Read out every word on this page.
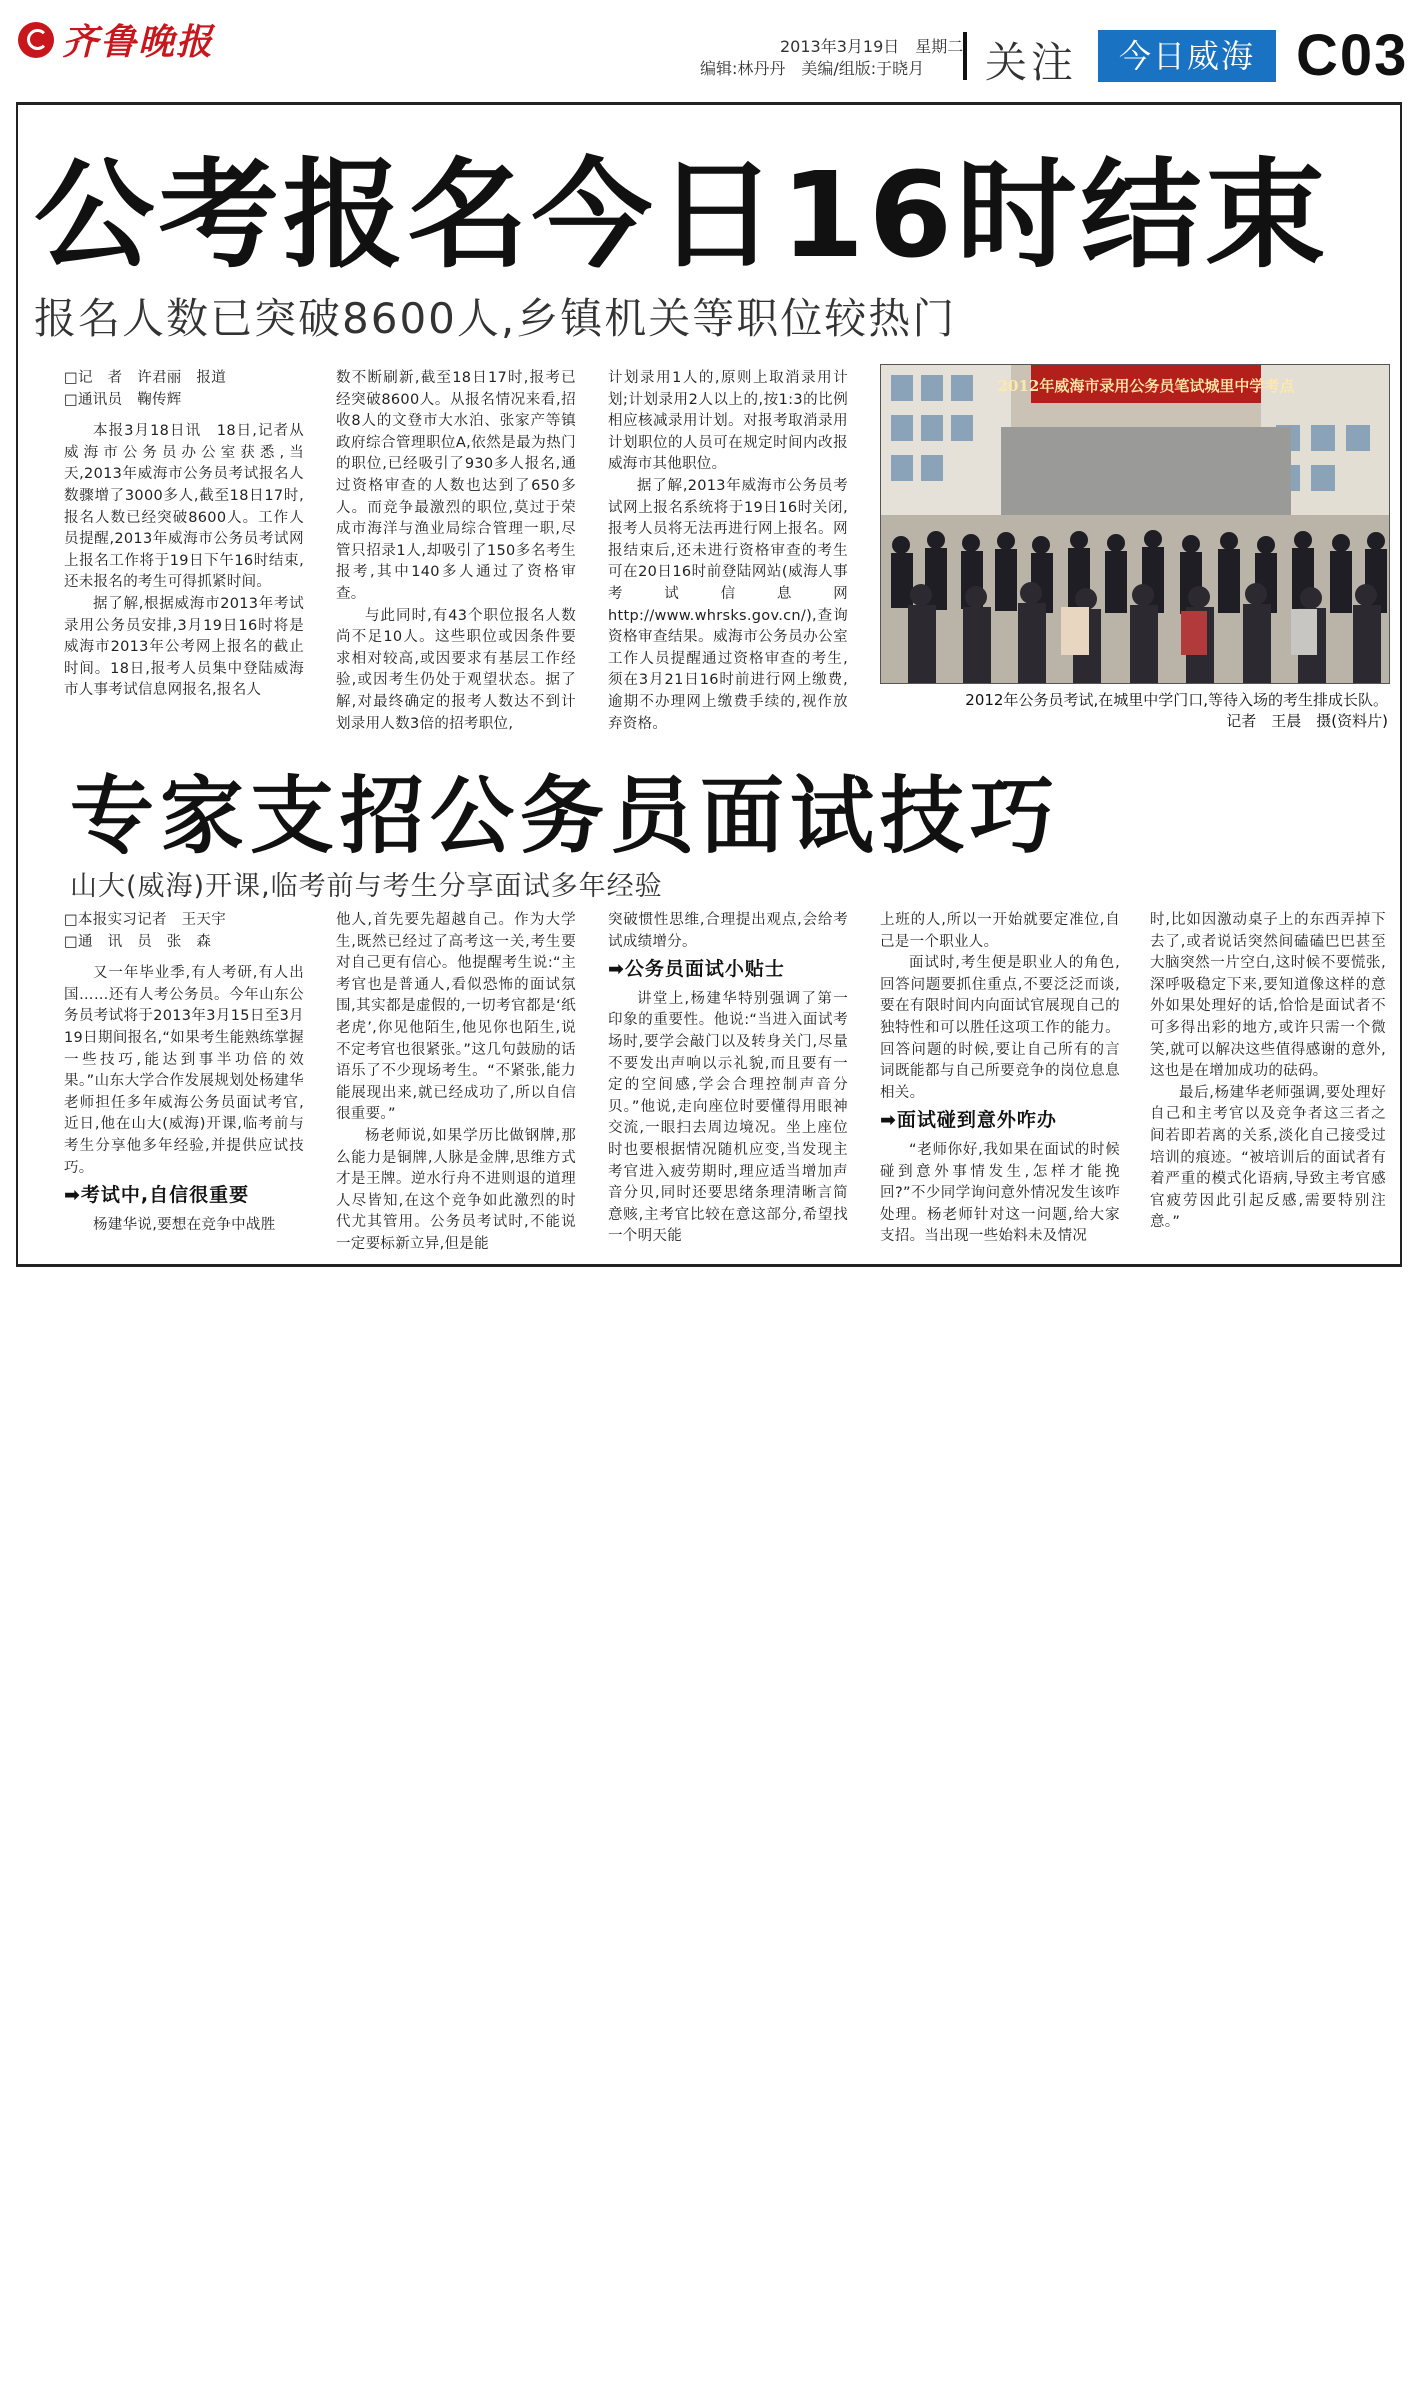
齐鲁晚报	2013年3月19日　星期二
编辑:林丹丹　美编/组版:于晓月	关注	今日威海 C03
公考报名今日16时结束
报名人数已突破8600人,乡镇机关等职位较热门

□记　者　许君丽　报道

□通讯员　鞠传辉

本报3月18日讯　18日,记者从威海市公务员办公室获悉,当天,2013年威海市公务员考试报名人数骤增了3000多人,截至18日17时,报名人数已经突破8600人。工作人员提醒,2013年威海市公务员考试网上报名工作将于19日下午16时结束,还未报名的考生可得抓紧时间。

据了解,根据威海市2013年考试录用公务员安排,3月19日16时将是威海市2013年公考网上报名的截止时间。18日,报考人员集中登陆威海市人事考试信息网报名,报名人

数不断刷新,截至18日17时,报考已经突破8600人。从报名情况来看,招收8人的文登市大水泊、张家产等镇政府综合管理职位A,依然是最为热门的职位,已经吸引了930多人报名,通过资格审查的人数也达到了650多人。而竞争最激烈的职位,莫过于荣成市海洋与渔业局综合管理一职,尽管只招录1人,却吸引了150多名考生报考,其中140多人通过了资格审查。

与此同时,有43个职位报名人数尚不足10人。这些职位或因条件要求相对较高,或因要求有基层工作经验,或因考生仍处于观望状态。据了解,对最终确定的报考人数达不到计划录用人数3倍的招考职位,

计划录用1人的,原则上取消录用计划;计划录用2人以上的,按1:3的比例相应核减录用计划。对报考取消录用计划职位的人员可在规定时间内改报威海市其他职位。

据了解,2013年威海市公务员考试网上报名系统将于19日16时关闭,报考人员将无法再进行网上报名。网报结束后,还未进行资格审查的考生可在20日16时前登陆网站(威海人事考试信息网http://www.whrsks.gov.cn/),查询资格审查结果。威海市公务员办公室工作人员提醒通过资格审查的考生,须在3月21日16时前进行网上缴费,逾期不办理网上缴费手续的,视作放弃资格。

2012年威海市录用公务员笔试城里中学考点
2012年公务员考试,在城里中学门口,等待入场的考生排成长队。
记者　王晨　摄(资料片)
专家支招公务员面试技巧
山大(威海)开课,临考前与考生分享面试多年经验

□本报实习记者　王天宇

□通　讯　员　张　森

又一年毕业季,有人考研,有人出国……还有人考公务员。今年山东公务员考试将于2013年3月15日至3月19日期间报名,“如果考生能熟练掌握一些技巧,能达到事半功倍的效果。”山东大学合作发展规划处杨建华老师担任多年威海公务员面试考官,近日,他在山大(威海)开课,临考前与考生分享他多年经验,并提供应试技巧。

➡考试中,自信很重要

杨建华说,要想在竞争中战胜

他人,首先要先超越自己。作为大学生,既然已经过了高考这一关,考生要对自己更有信心。他提醒考生说:“主考官也是普通人,看似恐怖的面试氛围,其实都是虚假的,一切考官都是‘纸老虎’,你见他陌生,他见你也陌生,说不定考官也很紧张。”这几句鼓励的话语乐了不少现场考生。“不紧张,能力能展现出来,就已经成功了,所以自信很重要。”

杨老师说,如果学历比做钢牌,那么能力是铜牌,人脉是金牌,思维方式才是王牌。逆水行舟不进则退的道理人尽皆知,在这个竞争如此激烈的时代尤其管用。公务员考试时,不能说一定要标新立异,但是能

突破惯性思维,合理提出观点,会给考试成绩增分。

➡公务员面试小贴士

讲堂上,杨建华特别强调了第一印象的重要性。他说:“当进入面试考场时,要学会敲门以及转身关门,尽量不要发出声响以示礼貌,而且要有一定的空间感,学会合理控制声音分贝。”他说,走向座位时要懂得用眼神交流,一眼扫去周边境况。坐上座位时也要根据情况随机应变,当发现主考官进入疲劳期时,理应适当增加声音分贝,同时还要思绪条理清晰言简意赅,主考官比较在意这部分,希望找一个明天能

上班的人,所以一开始就要定准位,自己是一个职业人。

面试时,考生便是职业人的角色,回答问题要抓住重点,不要泛泛而谈,要在有限时间内向面试官展现自己的独特性和可以胜任这项工作的能力。回答问题的时候,要让自己所有的言词既能都与自己所要竞争的岗位息息相关。

➡面试碰到意外咋办

“老师你好,我如果在面试的时候碰到意外事情发生,怎样才能挽回?”不少同学询问意外情况发生该咋处理。杨老师针对这一问题,给大家支招。当出现一些始料未及情况

时,比如因激动桌子上的东西弄掉下去了,或者说话突然间磕磕巴巴甚至大脑突然一片空白,这时候不要慌张,深呼吸稳定下来,要知道像这样的意外如果处理好的话,恰恰是面试者不可多得出彩的地方,或许只需一个微笑,就可以解决这些值得感谢的意外,这也是在增加成功的砝码。

最后,杨建华老师强调,要处理好自己和主考官以及竞争者这三者之间若即若离的关系,淡化自己接受过培训的痕迹。“被培训后的面试者有着严重的模式化语病,导致主考官感官疲劳因此引起反感,需要特别注意。”
